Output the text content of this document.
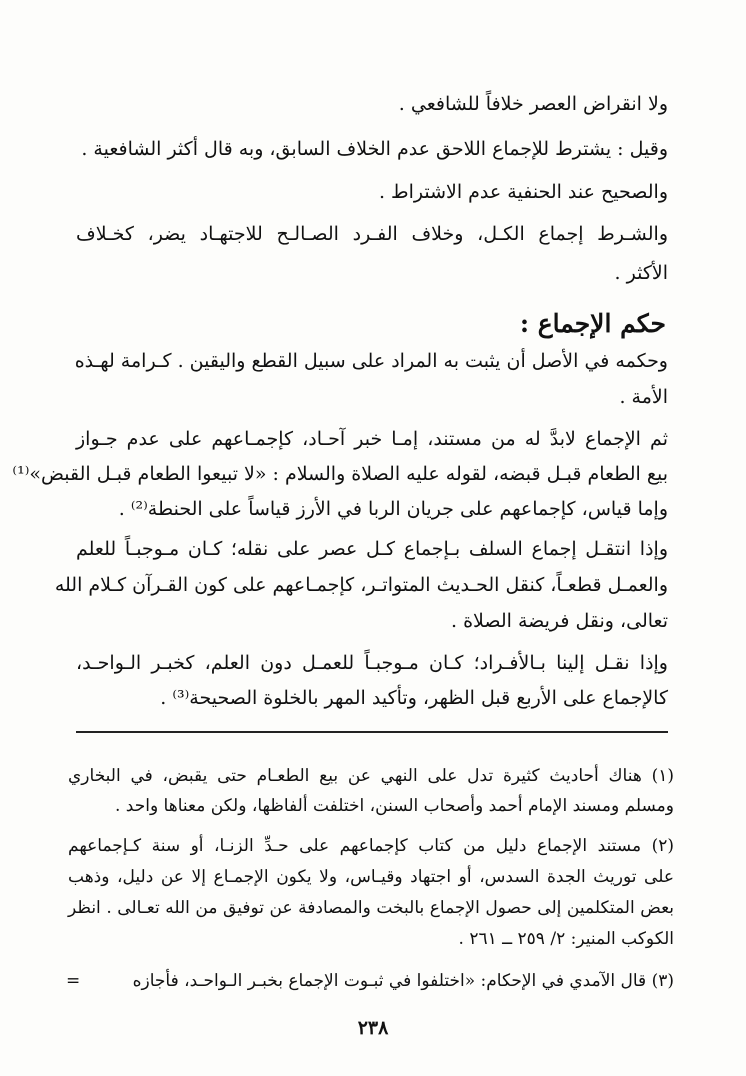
ولا انقراض العصر خلافاً للشافعي .
وقيل : يشترط للإجماع اللاحق عدم الخلاف السابق، وبه قال أكثر الشافعية .
والصحيح عند الحنفية عدم الاشتراط .
والشـرط إجماع الكـل، وخلاف الفـرد الصـالـح للاجتهـاد يضر، كخـلاف
الأكثر .
حكم الإجماع :
وحكمه في الأصل أن يثبت به المراد على سبيل القطع واليقين . كـرامة لهـذه
الأمة .
ثم الإجماع لابدَّ له من مستند، إمـا خبر آحـاد، كإجمـاعهم على عدم جـواز
بيع الطعام قبـل قبضه، لقوله عليه الصلاة والسلام : «لا تبيعوا الطعام قبـل القبض»⁽¹⁾
وإما قياس، كإجماعهم على جريان الربا في الأرز قياساً على الحنطة⁽²⁾ .
وإذا انتقـل إجماع السلف بـإجماع كـل عصر على نقله؛ كـان مـوجبـاً للعلم
والعمـل قطعـاً، كنقل الحـديث المتواتـر، كإجمـاعهم على كون القـرآن كـلام الله
تعالى، ونقل فريضة الصلاة .
وإذا نقـل إلينا بـالأفـراد؛ كـان مـوجبـاً للعمـل دون العلم، كخبـر الـواحـد،
كالإجماع على الأربع قبل الظهر، وتأكيد المهر بالخلوة الصحيحة⁽³⁾ .
(١) هناك أحاديث كثيرة تدل على النهي عن بيع الطعـام حتى يقبض، في البخاري
ومسلم ومسند الإمام أحمد وأصحاب السنن، اختلفت ألفاظها، ولكن معناها واحد .
(٢) مستند الإجماع دليل من كتاب كإجماعهم على حـدِّ الزنـا، أو سنة كـإجماعهم
على توريث الجدة السدس، أو اجتهاد وقيـاس، ولا يكون الإجمـاع إلا عن دليل، وذهب
بعض المتكلمين إلى حصول الإجماع بالبخت والمصادفة عن توفيق من الله تعـالى . انظر
الكوكب المنير: ٢/ ٢٥٩ ــ ٢٦١ .
(٣) قال الآمدي في الإحكام: «اختلفوا في ثبـوت الإجماع بخبـر الـواحـد، فأجازه
=
٢٣٨
